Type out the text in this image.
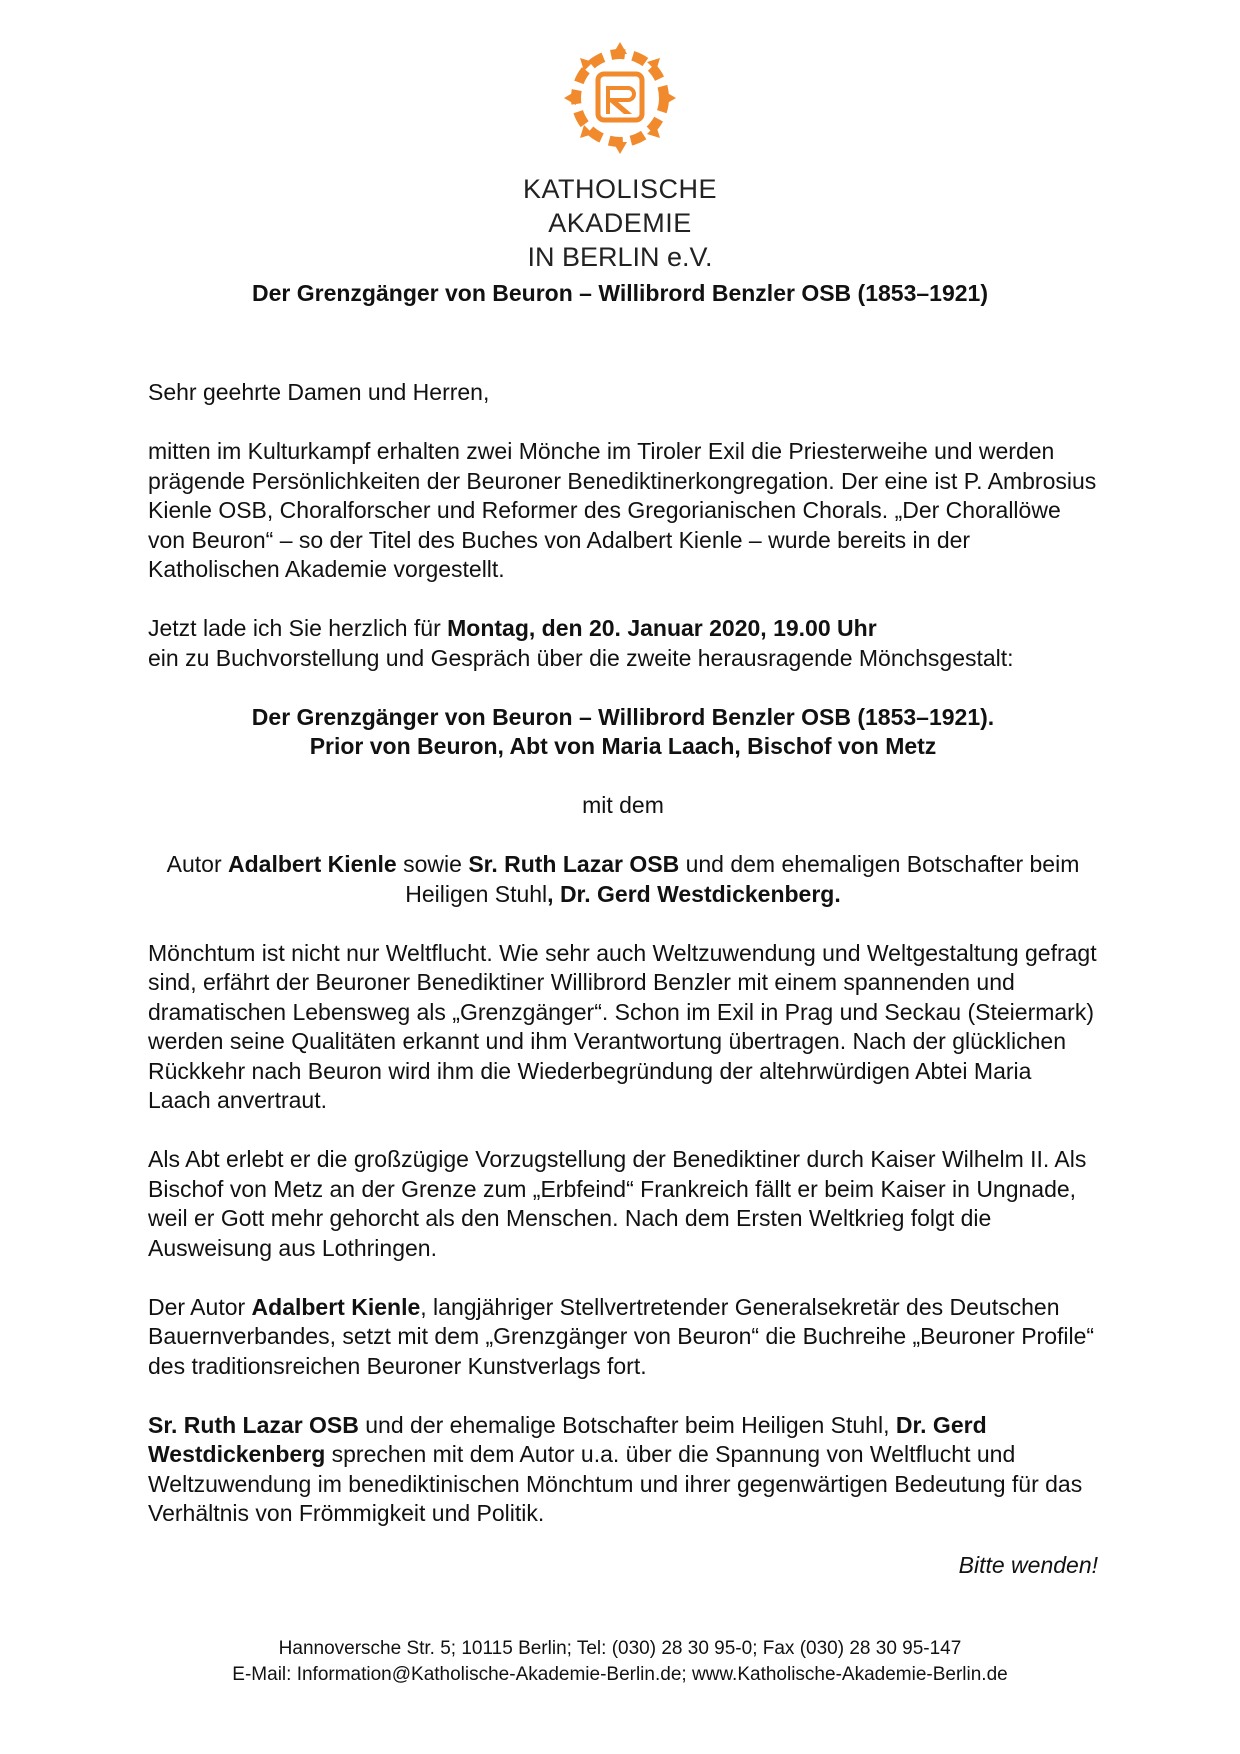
KATHOLISCHE AKADEMIE
IN BERLIN e.V.
Der Grenzgänger von Beuron – Willibrord Benzler OSB (1853–1921)

Sehr geehrte Damen und Herren,

mitten im Kulturkampf erhalten zwei Mönche im Tiroler Exil die Priesterweihe und werden prägende Persönlichkeiten der Beuroner Benediktinerkongregation. Der eine ist P. Ambrosius Kienle OSB, Choralforscher und Reformer des Gregorianischen Chorals. „Der Chorallöwe von Beuron“ – so der Titel des Buches von Adalbert Kienle – wurde bereits in der Katholischen Akademie vorgestellt.

Jetzt lade ich Sie herzlich für Montag, den 20. Januar 2020, 19.00 Uhr
ein zu Buchvorstellung und Gespräch über die zweite herausragende Mönchsgestalt:

Der Grenzgänger von Beuron – Willibrord Benzler OSB (1853–1921).
Prior von Beuron, Abt von Maria Laach, Bischof von Metz

mit dem

Autor Adalbert Kienle sowie Sr. Ruth Lazar OSB und dem ehemaligen Botschafter beim Heiligen Stuhl, Dr. Gerd Westdickenberg.

Mönchtum ist nicht nur Weltflucht. Wie sehr auch Weltzuwendung und Weltgestaltung gefragt sind, erfährt der Beuroner Benediktiner Willibrord Benzler mit einem spannenden und dramatischen Lebensweg als „Grenzgänger“. Schon im Exil in Prag und Seckau (Steiermark) werden seine Qualitäten erkannt und ihm Verantwortung übertragen. Nach der glücklichen Rückkehr nach Beuron wird ihm die Wiederbegründung der altehrwürdigen Abtei Maria Laach anvertraut.

Als Abt erlebt er die großzügige Vorzugstellung der Benediktiner durch Kaiser Wilhelm II. Als Bischof von Metz an der Grenze zum „Erbfeind“ Frankreich fällt er beim Kaiser in Ungnade, weil er Gott mehr gehorcht als den Menschen. Nach dem Ersten Weltkrieg folgt die Ausweisung aus Lothringen.

Der Autor Adalbert Kienle, langjähriger Stellvertretender Generalsekretär des Deutschen Bauernverbandes, setzt mit dem „Grenzgänger von Beuron“ die Buchreihe „Beuroner Profile“ des traditionsreichen Beuroner Kunstverlags fort.

Sr. Ruth Lazar OSB und der ehemalige Botschafter beim Heiligen Stuhl, Dr. Gerd Westdickenberg sprechen mit dem Autor u.a. über die Spannung von Weltflucht und Weltzuwendung im benediktinischen Mönchtum und ihrer gegenwärtigen Bedeutung für das Verhältnis von Frömmigkeit und Politik.

Bitte wenden!

Hannoversche Str. 5; 10115 Berlin; Tel: (030) 28 30 95-0; Fax (030) 28 30 95-147
E-Mail: Information@Katholische-Akademie-Berlin.de; www.Katholische-Akademie-Berlin.de
